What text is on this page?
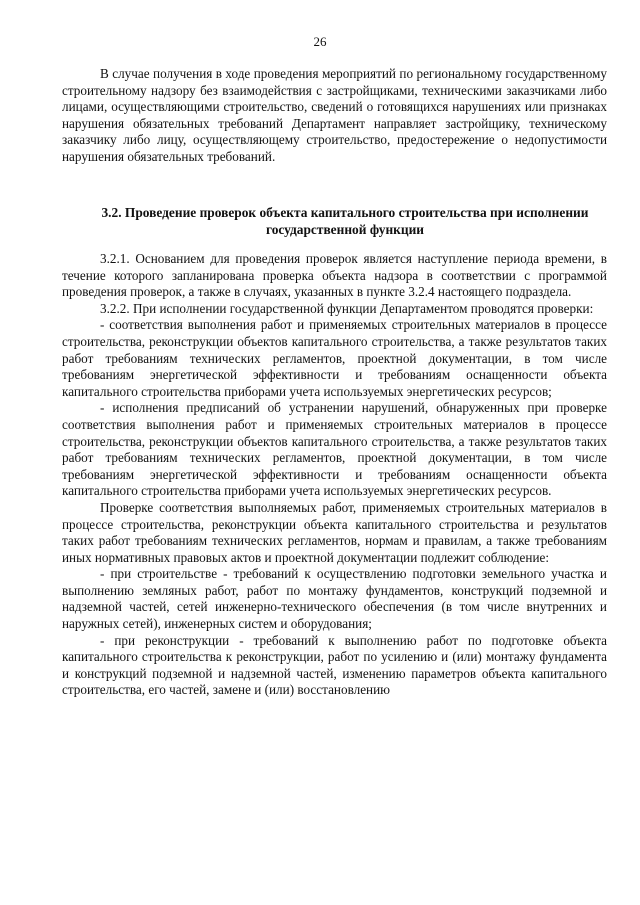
26

В случае получения в ходе проведения мероприятий по региональному государственному строительному надзору без взаимодействия с застройщиками, техническими заказчиками либо лицами, осуществляющими строительство, сведений о готовящихся нарушениях или признаках нарушения обязательных требований Департамент направляет застройщику, техническому заказчику либо лицу, осуществляющему строительство, предостережение о недопустимости нарушения обязательных требований.

3.2. Проведение проверок объекта капитального строительства при исполнении государственной функции

3.2.1. Основанием для проведения проверок является наступление периода времени, в течение которого запланирована проверка объекта надзора в соответствии с программой проведения проверок, а также в случаях, указанных в пункте 3.2.4 настоящего подраздела.

3.2.2. При исполнении государственной функции Департаментом проводятся проверки:

- соответствия выполнения работ и применяемых строительных материалов в процессе строительства, реконструкции объектов капитального строительства, а также результатов таких работ требованиям технических регламентов, проектной документации, в том числе требованиям энергетической эффективности и требованиям оснащенности объекта капитального строительства приборами учета используемых энергетических ресурсов;

- исполнения предписаний об устранении нарушений, обнаруженных при проверке соответствия выполнения работ и применяемых строительных материалов в процессе строительства, реконструкции объектов капитального строительства, а также результатов таких работ требованиям технических регламентов, проектной документации, в том числе требованиям энергетической эффективности и требованиям оснащенности объекта капитального строительства приборами учета используемых энергетических ресурсов.

Проверке соответствия выполняемых работ, применяемых строительных материалов в процессе строительства, реконструкции объекта капитального строительства и результатов таких работ требованиям технических регламентов, нормам и правилам, а также требованиям иных нормативных правовых актов и проектной документации подлежит соблюдение:

- при строительстве - требований к осуществлению подготовки земельного участка и выполнению земляных работ, работ по монтажу фундаментов, конструкций подземной и надземной частей, сетей инженерно-технического обеспечения (в том числе внутренних и наружных сетей), инженерных систем и оборудования;

- при реконструкции - требований к выполнению работ по подготовке объекта капитального строительства к реконструкции, работ по усилению и (или) монтажу фундамента и конструкций подземной и надземной частей, изменению параметров объекта капитального строительства, его частей, замене и (или) восстановлению
